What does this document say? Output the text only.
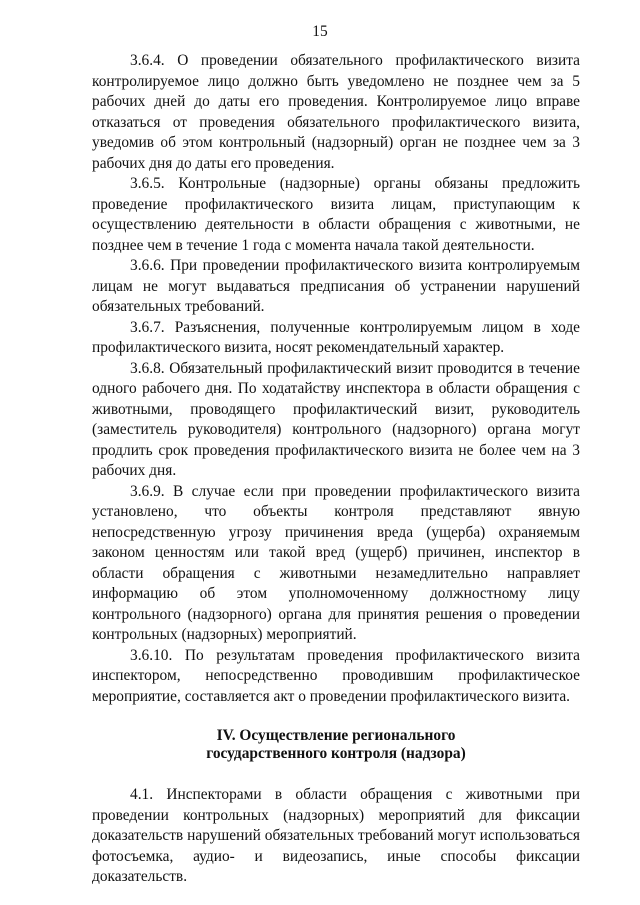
15

3.6.4. О проведении обязательного профилактического визита контролируемое лицо должно быть уведомлено не позднее чем за 5 рабочих дней до даты его проведения. Контролируемое лицо вправе отказаться от проведения обязательного профилактического визита, уведомив об этом контрольный (надзорный) орган не позднее чем за 3 рабочих дня до даты его проведения.

3.6.5. Контрольные (надзорные) органы обязаны предложить проведение профилактического визита лицам, приступающим к осуществлению деятельности в области обращения с животными, не позднее чем в течение 1 года с момента начала такой деятельности.

3.6.6. При проведении профилактического визита контролируемым лицам не могут выдаваться предписания об устранении нарушений обязательных требований.

3.6.7. Разъяснения, полученные контролируемым лицом в ходе профилактического визита, носят рекомендательный характер.

3.6.8. Обязательный профилактический визит проводится в течение одного рабочего дня. По ходатайству инспектора в области обращения с животными, проводящего профилактический визит, руководитель (заместитель руководителя) контрольного (надзорного) органа могут продлить срок проведения профилактического визита не более чем на 3 рабочих дня.

3.6.9. В случае если при проведении профилактического визита установлено, что объекты контроля представляют явную непосредственную угрозу причинения вреда (ущерба) охраняемым законом ценностям или такой вред (ущерб) причинен, инспектор в области обращения с животными незамедлительно направляет информацию об этом уполномоченному должностному лицу контрольного (надзорного) органа для принятия решения о проведении контрольных (надзорных) мероприятий.

3.6.10. По результатам проведения профилактического визита инспектором, непосредственно проводившим профилактическое мероприятие, составляется акт о проведении профилактического визита.

IV. Осуществление регионального
государственного контроля (надзора)

4.1. Инспекторами в области обращения с животными при проведении контрольных (надзорных) мероприятий для фиксации доказательств нарушений обязательных требований могут использоваться фотосъемка, аудио- и видеозапись, иные способы фиксации доказательств.
